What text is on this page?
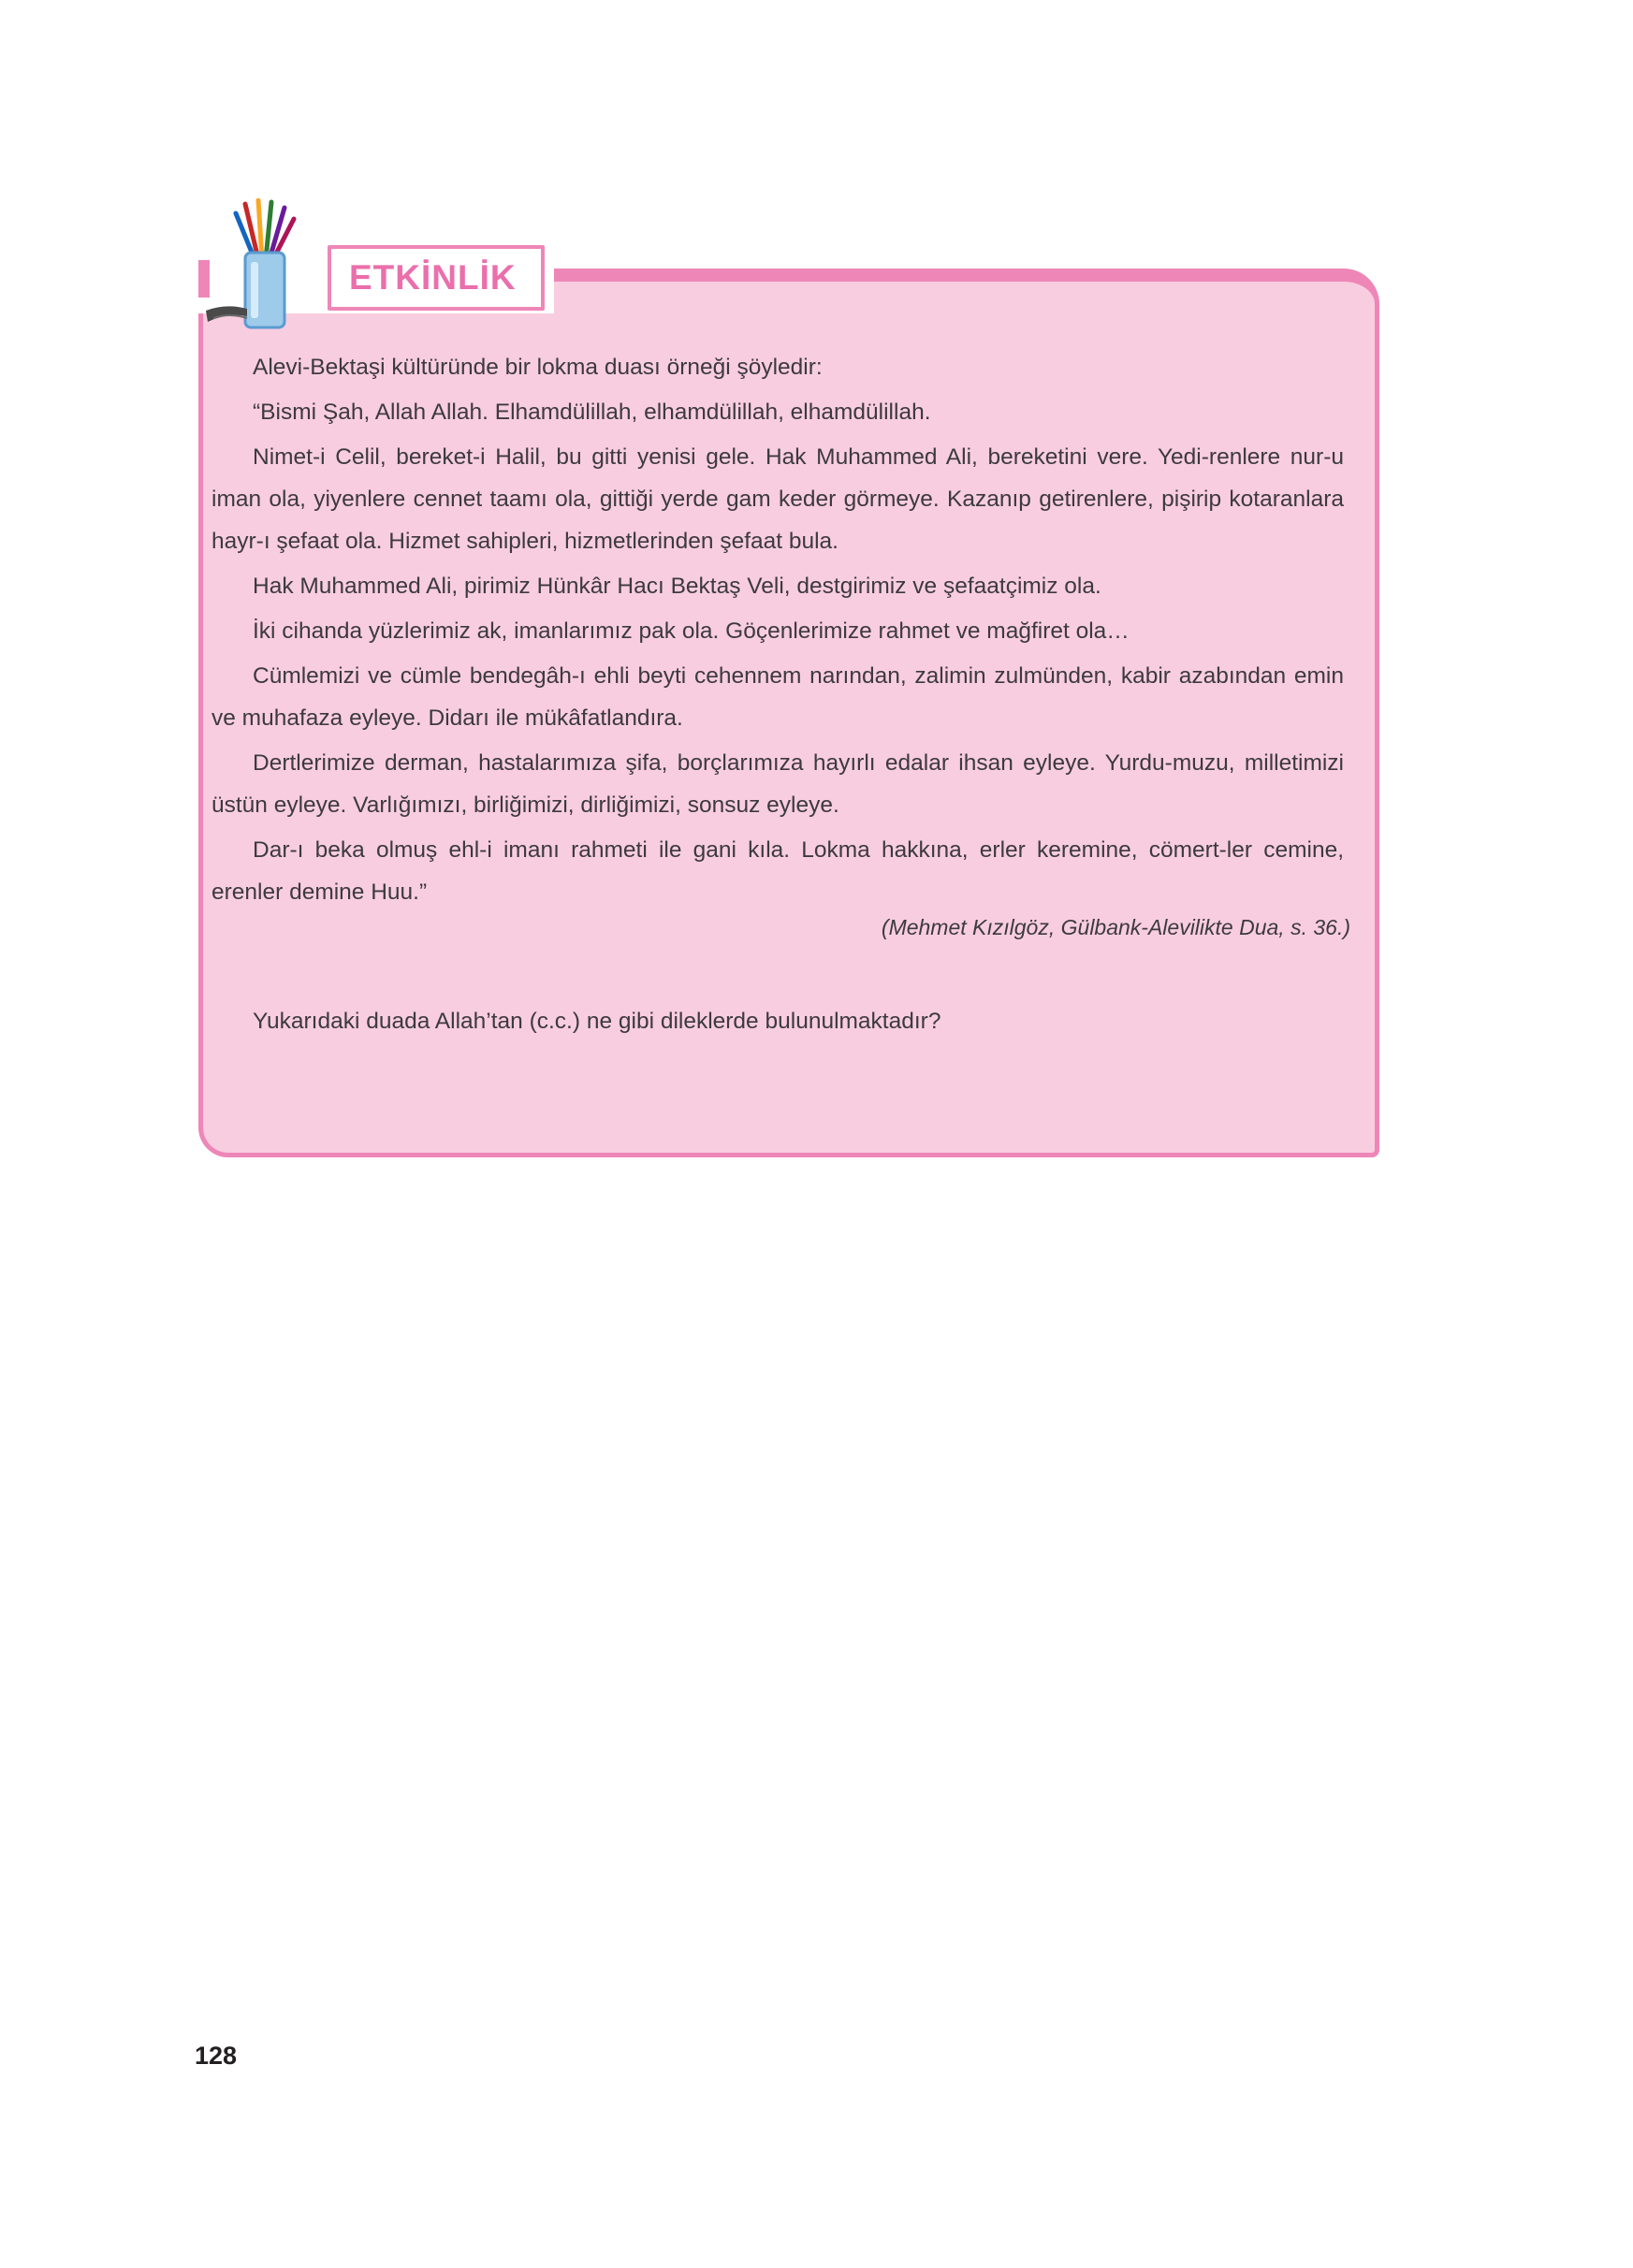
ETKİNLİK

Alevi-Bektaşi kültüründe bir lokma duası örneği şöyledir:

“Bismi Şah, Allah Allah. Elhamdülillah, elhamdülillah, elhamdülillah.

Nimet-i Celil, bereket-i Halil, bu gitti yenisi gele. Hak Muhammed Ali, bereketini vere. Yedi-renlere nur-u iman ola, yiyenlere cennet taamı ola, gittiği yerde gam keder görmeye. Kazanıp getirenlere, pişirip kotaranlara hayr-ı şefaat ola. Hizmet sahipleri, hizmetlerinden şefaat bula.

Hak Muhammed Ali, pirimiz Hünkâr Hacı Bektaş Veli, destgirimiz ve şefaatçimiz ola.

İki cihanda yüzlerimiz ak, imanlarımız pak ola. Göçenlerimize rahmet ve mağfiret ola…

Cümlemizi ve cümle bendegâh-ı ehli beyti cehennem narından, zalimin zulmünden, kabir azabından emin ve muhafaza eyleye. Didarı ile mükâfatlandıra.

Dertlerimize derman, hastalarımıza şifa, borçlarımıza hayırlı edalar ihsan eyleye. Yurdu-muzu, milletimizi üstün eyleye. Varlığımızı, birliğimizi, dirliğimizi, sonsuz eyleye.

Dar-ı beka olmuş ehl-i imanı rahmeti ile gani kıla. Lokma hakkına, erler keremine, cömert-ler cemine, erenler demine Huu.”

(Mehmet Kızılgöz, Gülbank-Alevilikte Dua, s. 36.)
Yukarıdaki duada Allah’tan (c.c.) ne gibi dileklerde bulunulmaktadır?
128
